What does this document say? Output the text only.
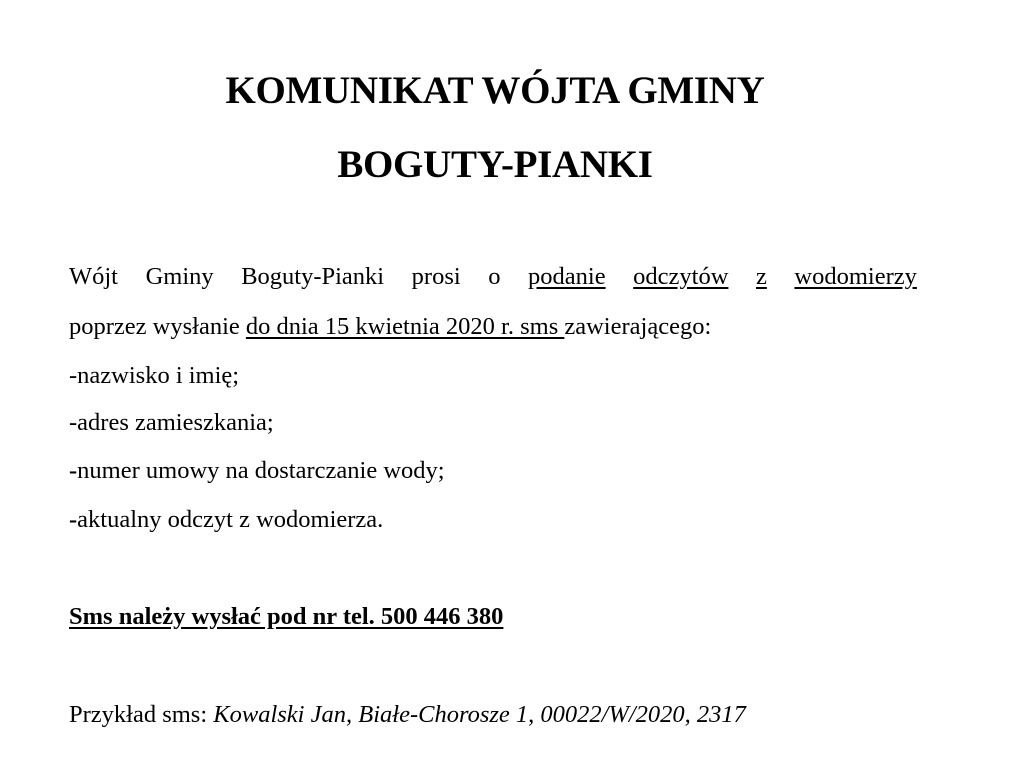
KOMUNIKAT WÓJTA GMINY
BOGUTY-PIANKI
Wójt Gminy Boguty-Pianki prosi o podanie odczytów z wodomierzy
poprzez wysłanie do dnia 15 kwietnia 2020 r. sms zawierającego:
-nazwisko i imię;
-adres zamieszkania;
-numer umowy na dostarczanie wody;
-aktualny odczyt z wodomierza.
Sms należy wysłać pod nr tel. 500 446 380
Przykład sms: Kowalski Jan, Białe-Chorosze 1, 00022/W/2020, 2317
